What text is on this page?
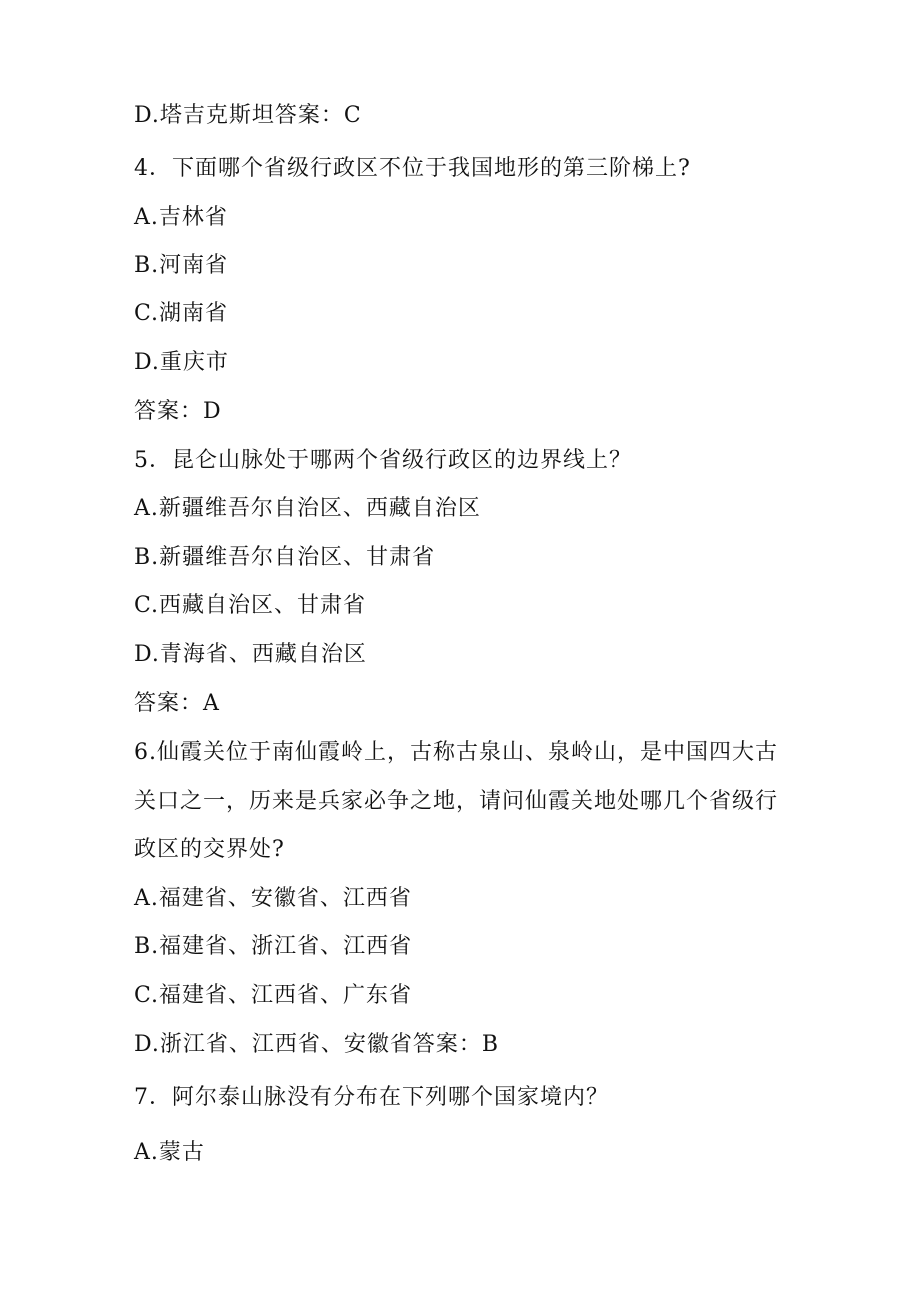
D.塔吉克斯坦答案：C
4．下面哪个省级行政区不位于我国地形的第三阶梯上?
A.吉林省
B.河南省
C.湖南省
D.重庆市
答案：D
5．昆仑山脉处于哪两个省级行政区的边界线上？
A.新疆维吾尔自治区、西藏自治区
B.新疆维吾尔自治区、甘肃省
C.西藏自治区、甘肃省
D.青海省、西藏自治区
答案：A
6.仙霞关位于南仙霞岭上，古称古泉山、泉岭山，是中国四大古
关口之一，历来是兵家必争之地，请问仙霞关地处哪几个省级行
政区的交界处?
A.福建省、安徽省、江西省
B.福建省、浙江省、江西省
C.福建省、江西省、广东省
D.浙江省、江西省、安徽省答案：B
7．阿尔泰山脉没有分布在下列哪个国家境内？
A.蒙古
